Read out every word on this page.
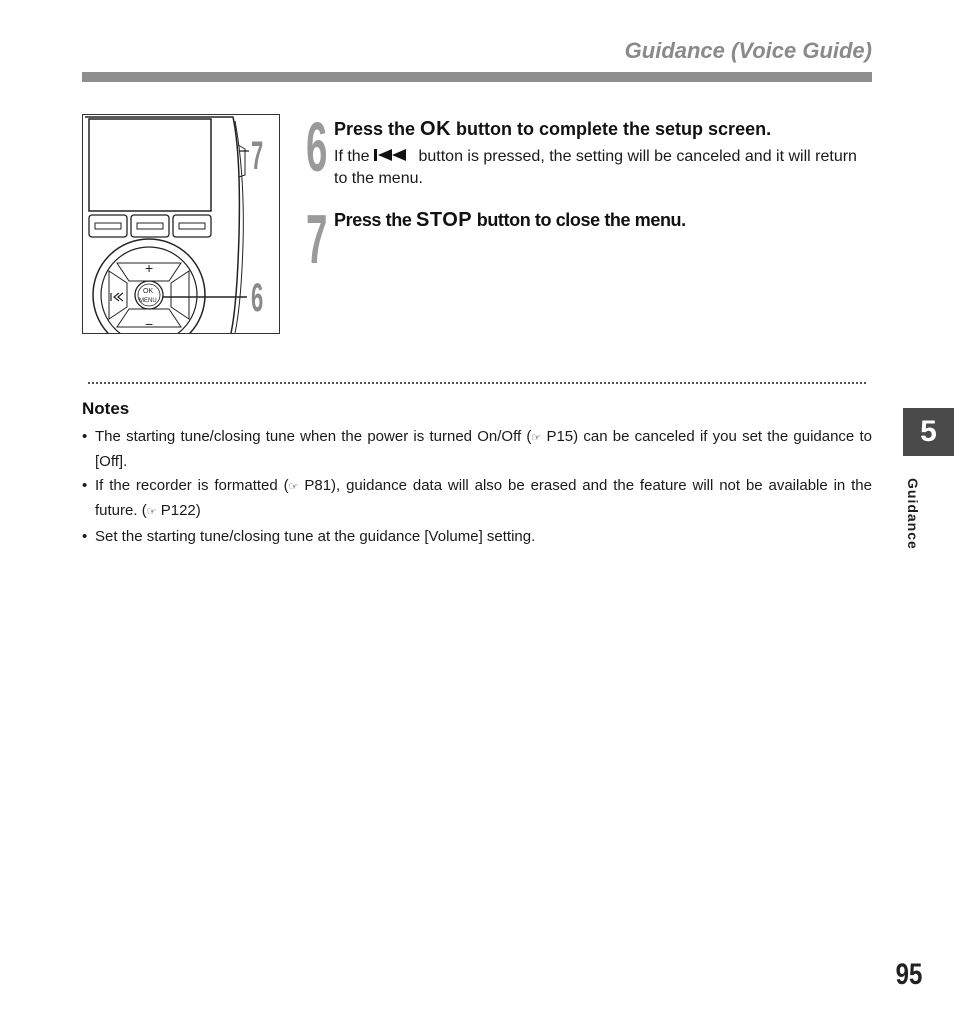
Guidance (Voice Guide)
+
−
OK
MENU
7
6
6 Press the OK button to complete the setup screen.
If the	button is pressed, the setting will be canceled and it will return to the menu.
7 Press the STOP button to close the menu.
Notes
• The starting tune/closing tune when the power is turned On/Off (☞ P15) can be canceled if you set the guidance to [Off].
• If the recorder is formatted (☞ P81), guidance data will also be erased and the feature will not be available in the future. (☞ P122)
• Set the starting tune/closing tune at the guidance [Volume] setting.
5
Guidance
95
